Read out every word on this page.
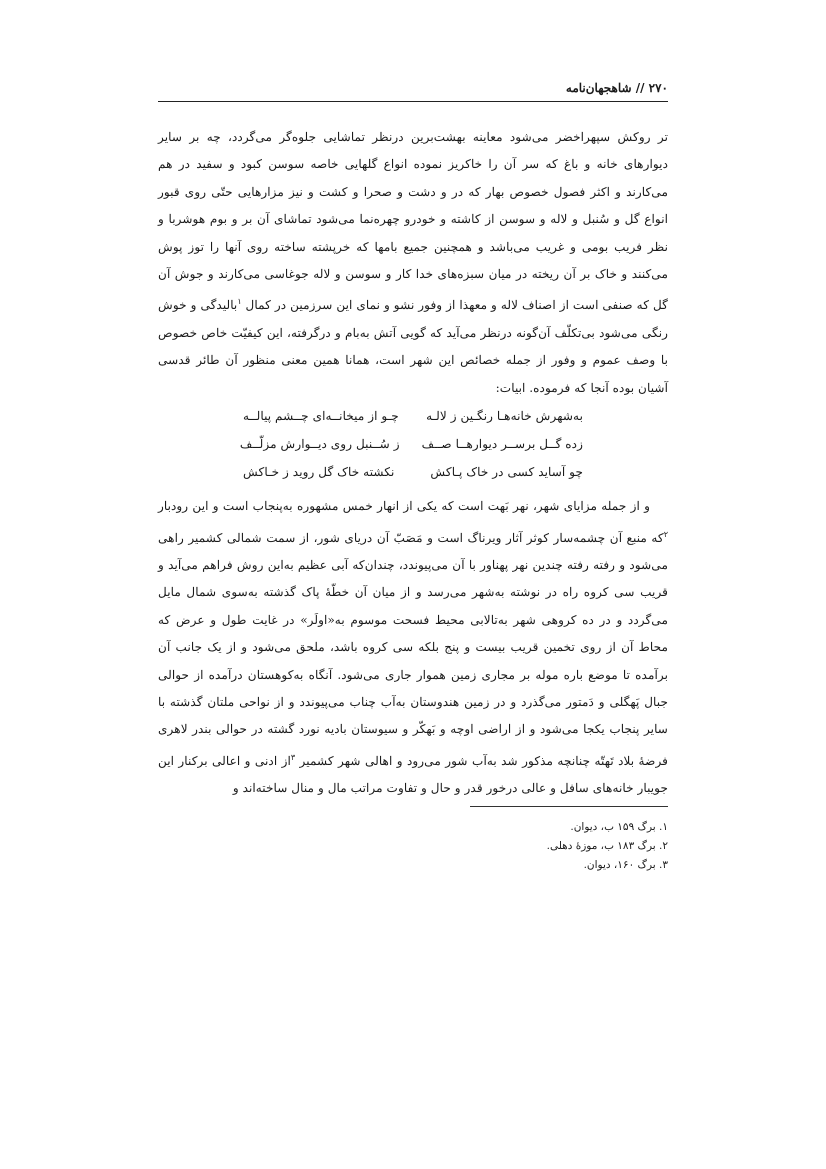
۲۷۰ // شاهجهان‌نامه

تر روکش سپهراخضر می‌شود معاینه بهشت‌برین درنظر تماشایی جلوه‌گر می‌گردد، چه بر سایر دیوارهای خانه و باغ که سر آن را خاکریز نموده انواع گلهایی خاصه سوسن کبود و سفید در هم می‌کارند و اکثر فصول خصوص بهار که در و دشت و صحرا و کشت و نیز مزارهایی حتّی روی قبور انواع گل و سُنبل و لاله و سوسن از کاشته و خودرو چهره‌نما می‌شود تماشای آن بر و بوم هوشربا و نظر فریب بومی و غریب می‌باشد و همچنین جمیع بامها که خرپشته ساخته روی آنها را توز پوش می‌کنند و خاک بر آن ریخته در میان سبزه‌های خدا کار و سوسن و لاله جوغاسی می‌کارند و جوش آن گل که صنفی است از اصناف لاله و معهذا از وفور نشو و نمای این سرزمین در کمال $^۱$بالیدگی و خوش رنگی می‌شود بی‌تکلّف آن‌گونه درنظر می‌آید که گویی آتش به‌بام و درگرفته، این کیفیّت خاص خصوص با وصف عموم و وفور از جمله خصائص این شهر است، همانا همین معنی منظور آن طائر قدسی آشیان بوده آنجا که فرموده. ابیات:

به‌شهرش خانه‌هـا رنگـین ز لالـه
چـو از میخانــه‌ای چــشم پیالــه
زده گــل برســر دیوارهــا صــف
ز سُــنبل روی دیــوارش مزلّــف
چو آساید کسی در خاک پـاکش
نکشته خاک گل روید ز خـاکش

و از جمله مزایای شهر، نهر بَهت است که یکی از انهار خمس مشهوره به‌پنجاب است و این رودبار $^۲$که منبع آن چشمه‌سار کوثر آثار ویرناگ است و مَصَبّ آن دریای شور، از سمت شمالی کشمیر راهی می‌شود و رفته رفته چندین نهر پهناور با آن می‌پیوندد، چندان‌که آبی عظیم به‌این روش فراهم می‌آید و قریب سی کروه راه در نوشته به‌شهر می‌رسد و از میان آن خطّهٔ پاک گذشته به‌سوی شمال مایل می‌گردد و در ده کروهی شهر به‌تالابی محیط فسحت موسوم به«اولَر» در غایت طول و عرض که محاط آن از روی تخمین قریب بیست و پنج بلکه سی کروه باشد، ملحق می‌شود و از یک جانب آن برآمده تا موضع باره موله بر مجاری زمین هموار جاری می‌شود. آنگاه به‌کوهستان درآمده از حوالی جبال پَهگلی و دَمتور می‌گذرد و در زمین هندوستان به‌آب چناب می‌پیوندد و از نواحی ملتان گذشته با سایر پنجاب یکجا می‌شود و از اراضی اوچه و بَهکّر و سیوستان بادیه نورد گشته در حوالی بندر لاهری فرضهٔ بلاد تَهتّه چنانچه مذکور شد به‌آب شور می‌رود و اهالی شهر کشمیر $^۳$از ادنی و اعالی برکنار این جویبار خانه‌های سافل و عالی درخور قدر و حال و تفاوت مراتب مال و منال ساخته‌اند و

۱. برگ ۱۵۹ ب، دیوان.
۲. برگ ۱۸۳ ب، موزهٔ دهلی.
۳. برگ ۱۶۰، دیوان.
